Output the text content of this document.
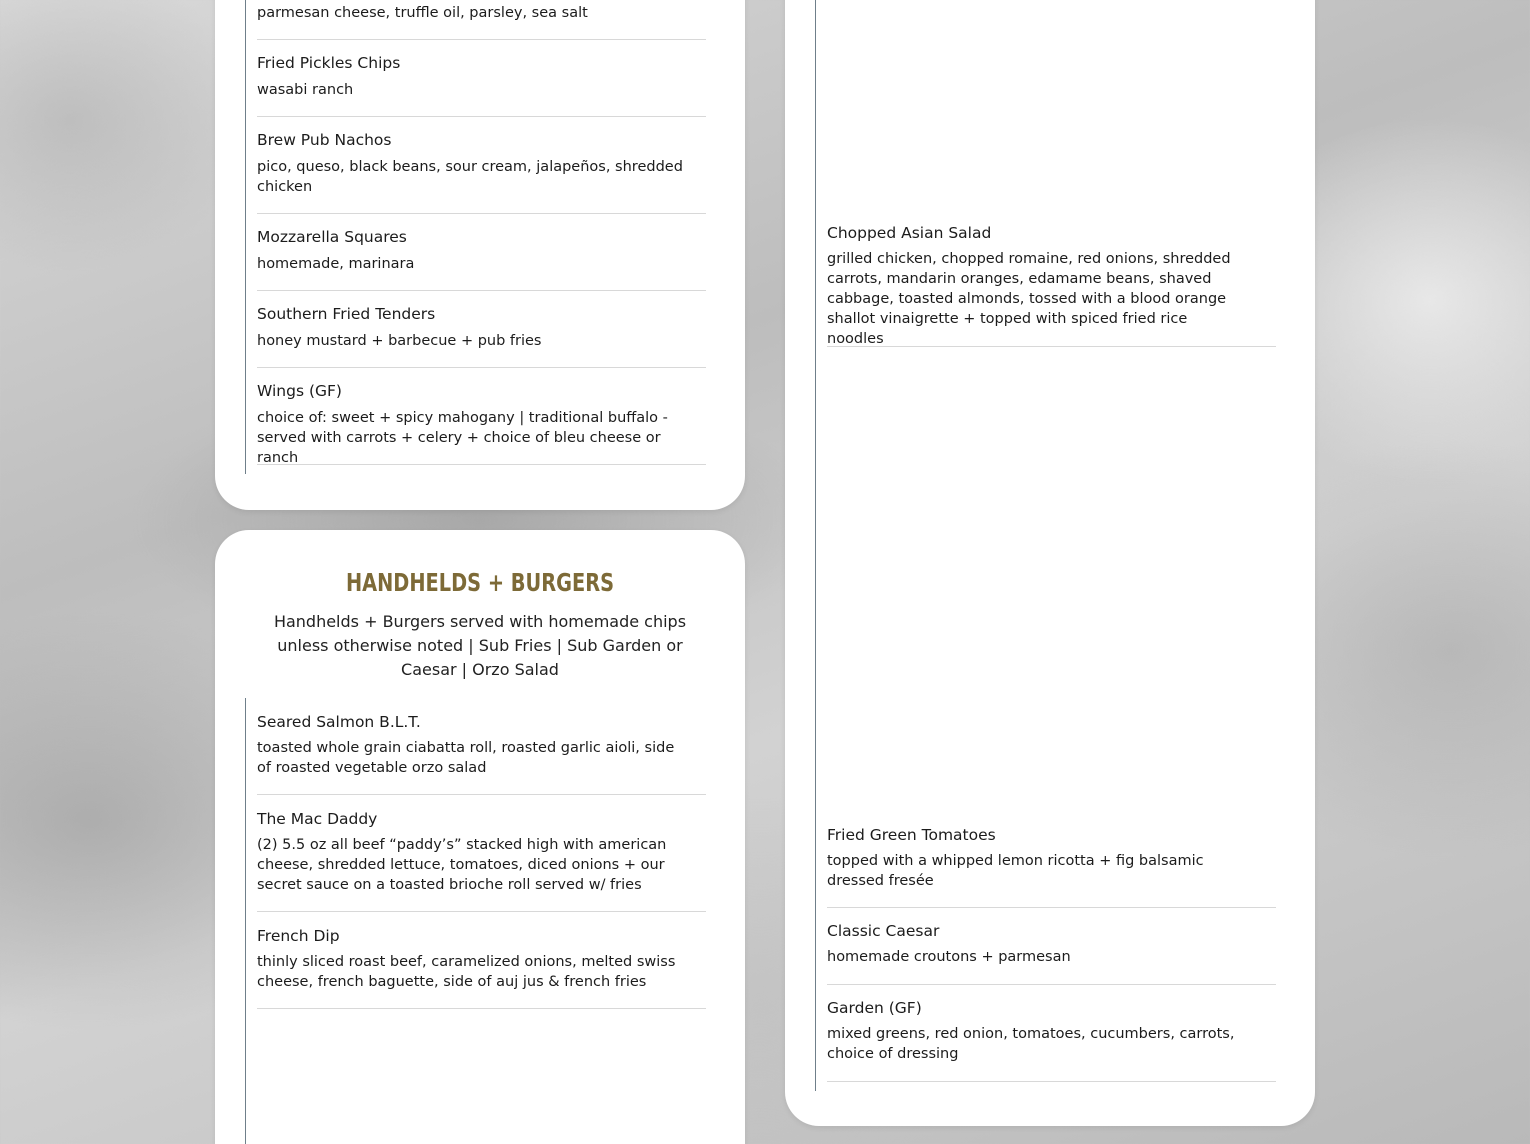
parmesan cheese, truffle oil, parsley, sea salt
Fried Pickles Chips
wasabi ranch
Brew Pub Nachos
pico, queso, black beans, sour cream, jalapeños, shredded chicken
Mozzarella Squares
homemade, marinara
Southern Fried Tenders
honey mustard + barbecue + pub fries
Wings (GF)
choice of: sweet + spicy mahogany | traditional buffalo - served with carrots + celery + choice of bleu cheese or ranch
HANDHELDS + BURGERS
Handhelds + Burgers served with homemade chips unless otherwise noted | Sub Fries | Sub Garden or Caesar | Orzo Salad
Seared Salmon B.L.T.
toasted whole grain ciabatta roll, roasted garlic aioli, side of roasted vegetable orzo salad
The Mac Daddy
(2) 5.5 oz all beef “paddy’s” stacked high with american cheese, shredded lettuce, tomatoes, diced onions + our secret sauce on a toasted brioche roll served w/ fries
French Dip
thinly sliced roast beef, caramelized onions, melted swiss cheese, french baguette, side of auj jus & french fries
Chopped Asian Salad
grilled chicken, chopped romaine, red onions, shredded carrots, mandarin oranges, edamame beans, shaved cabbage, toasted almonds, tossed with a blood orange shallot vinaigrette + topped with spiced fried rice noodles
Fried Green Tomatoes
topped with a whipped lemon ricotta + fig balsamic dressed fresée
Classic Caesar
homemade croutons + parmesan
Garden (GF)
mixed greens, red onion, tomatoes, cucumbers, carrots, choice of dressing
